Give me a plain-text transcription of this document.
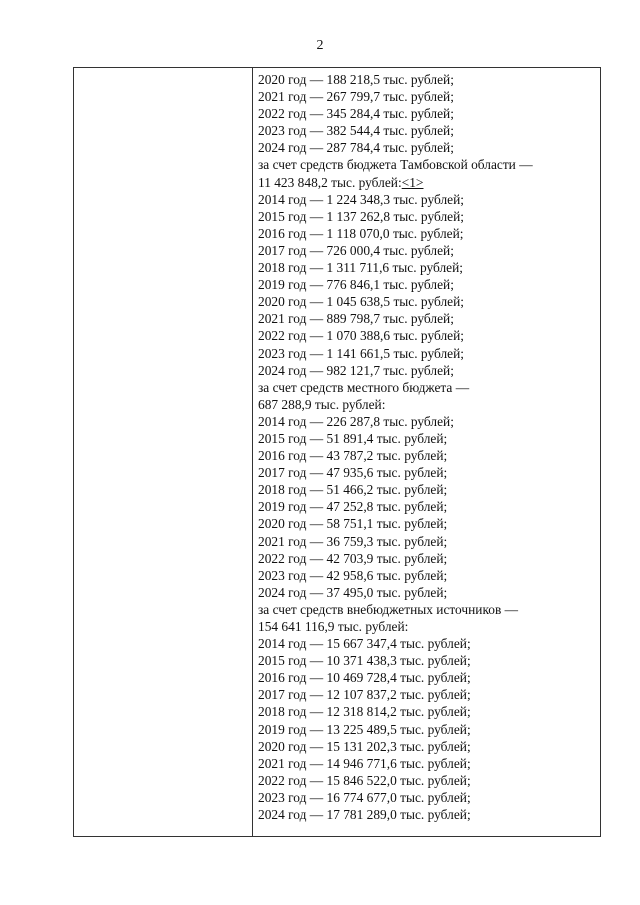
2
2020 год — 188 218,5 тыс. рублей;
2021 год — 267 799,7 тыс. рублей;
2022 год — 345 284,4 тыс. рублей;
2023 год — 382 544,4 тыс. рублей;
2024 год — 287 784,4 тыс. рублей;
за счет средств бюджета Тамбовской области —
11 423 848,2 тыс. рублей:<1>
2014 год — 1 224 348,3 тыс. рублей;
2015 год — 1 137 262,8 тыс. рублей;
2016 год — 1 118 070,0 тыс. рублей;
2017 год — 726 000,4 тыс. рублей;
2018 год — 1 311 711,6 тыс. рублей;
2019 год — 776 846,1 тыс. рублей;
2020 год — 1 045 638,5 тыс. рублей;
2021 год — 889 798,7 тыс. рублей;
2022 год — 1 070 388,6 тыс. рублей;
2023 год — 1 141 661,5 тыс. рублей;
2024 год — 982 121,7 тыс. рублей;
за счет средств местного бюджета —
687 288,9 тыс. рублей:
2014 год — 226 287,8 тыс. рублей;
2015 год — 51 891,4 тыс. рублей;
2016 год — 43 787,2 тыс. рублей;
2017 год — 47 935,6 тыс. рублей;
2018 год — 51 466,2 тыс. рублей;
2019 год — 47 252,8 тыс. рублей;
2020 год — 58 751,1 тыс. рублей;
2021 год — 36 759,3 тыс. рублей;
2022 год — 42 703,9 тыс. рублей;
2023 год — 42 958,6 тыс. рублей;
2024 год — 37 495,0 тыс. рублей;
за счет средств внебюджетных источников —
154 641 116,9 тыс. рублей:
2014 год — 15 667 347,4 тыс. рублей;
2015 год — 10 371 438,3 тыс. рублей;
2016 год — 10 469 728,4 тыс. рублей;
2017 год — 12 107 837,2 тыс. рублей;
2018 год — 12 318 814,2 тыс. рублей;
2019 год — 13 225 489,5 тыс. рублей;
2020 год — 15 131 202,3 тыс. рублей;
2021 год — 14 946 771,6 тыс. рублей;
2022 год — 15 846 522,0 тыс. рублей;
2023 год — 16 774 677,0 тыс. рублей;
2024 год — 17 781 289,0 тыс. рублей;
